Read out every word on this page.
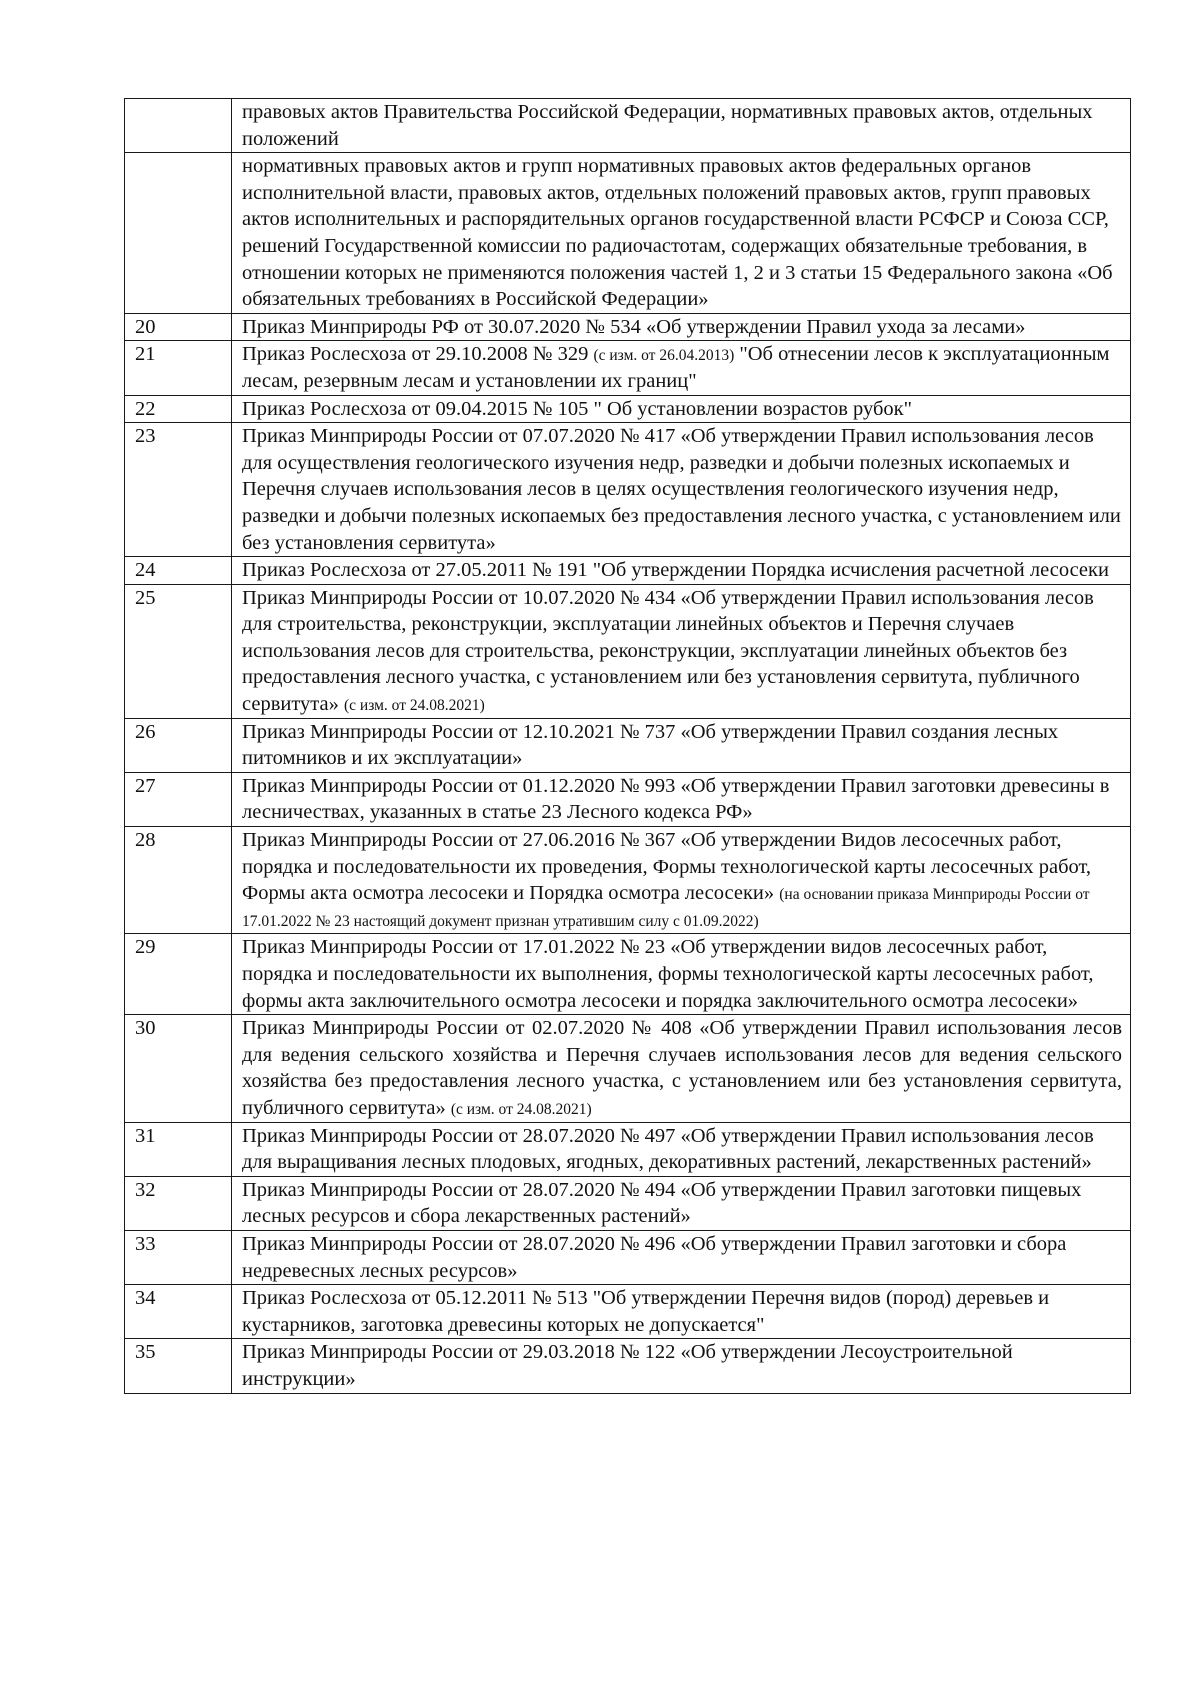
	правовых актов Правительства Российской Федерации, нормативных правовых актов, отдельных положений
	нормативных правовых актов и групп нормативных правовых актов федеральных органов исполнительной власти, правовых актов, отдельных положений правовых актов, групп правовых актов исполнительных и распорядительных органов государственной власти РСФСР и Союза ССР, решений Государственной комиссии по радиочастотам, содержащих обязательные требования, в отношении которых не применяются положения частей 1, 2 и 3 статьи 15 Федерального закона «Об обязательных требованиях в Российской Федерации»
20	Приказ Минприроды РФ от 30.07.2020 № 534 «Об утверждении Правил ухода за лесами»
21	Приказ Рослесхоза от 29.10.2008 № 329 (с изм. от 26.04.2013) "Об отнесении лесов к эксплуатационным лесам, резервным лесам и установлении их границ"
22	Приказ Рослесхоза от 09.04.2015 № 105 " Об установлении возрастов рубок"
23	Приказ Минприроды России от 07.07.2020 № 417 «Об утверждении Правил использования лесов для осуществления геологического изучения недр, разведки и добычи полезных ископаемых и Перечня случаев использования лесов в целях осуществления геологического изучения недр, разведки и добычи полезных ископаемых без предоставления лесного участка, с установлением или без установления сервитута»
24	Приказ Рослесхоза от 27.05.2011 № 191 "Об утверждении Порядка исчисления расчетной лесосеки
25	Приказ Минприроды России от 10.07.2020 № 434 «Об утверждении Правил использования лесов для строительства, реконструкции, эксплуатации линейных объектов и Перечня случаев использования лесов для строительства, реконструкции, эксплуатации линейных объектов без предоставления лесного участка, с установлением или без установления сервитута, публичного сервитута» (с изм. от 24.08.2021)
26	Приказ Минприроды России от 12.10.2021 № 737 «Об утверждении Правил создания лесных питомников и их эксплуатации»
27	Приказ Минприроды России от 01.12.2020 № 993 «Об утверждении Правил заготовки древесины в лесничествах, указанных в статье 23 Лесного кодекса РФ»
28	Приказ Минприроды России от 27.06.2016 № 367 «Об утверждении Видов лесосечных работ, порядка и последовательности их проведения, Формы технологической карты лесосечных работ, Формы акта осмотра лесосеки и Порядка осмотра лесосеки» (на основании приказа Минприроды России от 17.01.2022 № 23 настоящий документ признан утратившим силу с 01.09.2022)
29	Приказ Минприроды России от 17.01.2022 № 23 «Об утверждении видов лесосечных работ, порядка и последовательности их выполнения, формы технологической карты лесосечных работ, формы акта заключительного осмотра лесосеки и порядка заключительного осмотра лесосеки»
30	Приказ Минприроды России от 02.07.2020 № 408 «Об утверждении Правил использования лесов для ведения сельского хозяйства и Перечня случаев использования лесов для ведения сельского хозяйства без предоставления лесного участка, с установлением или без установления сервитута, публичного сервитута» (с изм. от 24.08.2021)
31	Приказ Минприроды России от 28.07.2020 № 497 «Об утверждении Правил использования лесов для выращивания лесных плодовых, ягодных, декоративных растений, лекарственных растений»
32	Приказ Минприроды России от 28.07.2020 № 494 «Об утверждении Правил заготовки пищевых лесных ресурсов и сбора лекарственных растений»
33	Приказ Минприроды России от 28.07.2020 № 496 «Об утверждении Правил заготовки и сбора недревесных лесных ресурсов»
34	Приказ Рослесхоза от 05.12.2011 № 513 "Об утверждении Перечня видов (пород) деревьев и кустарников, заготовка древесины которых не допускается"
35	Приказ Минприроды России от 29.03.2018 № 122 «Об утверждении Лесоустроительной инструкции»
